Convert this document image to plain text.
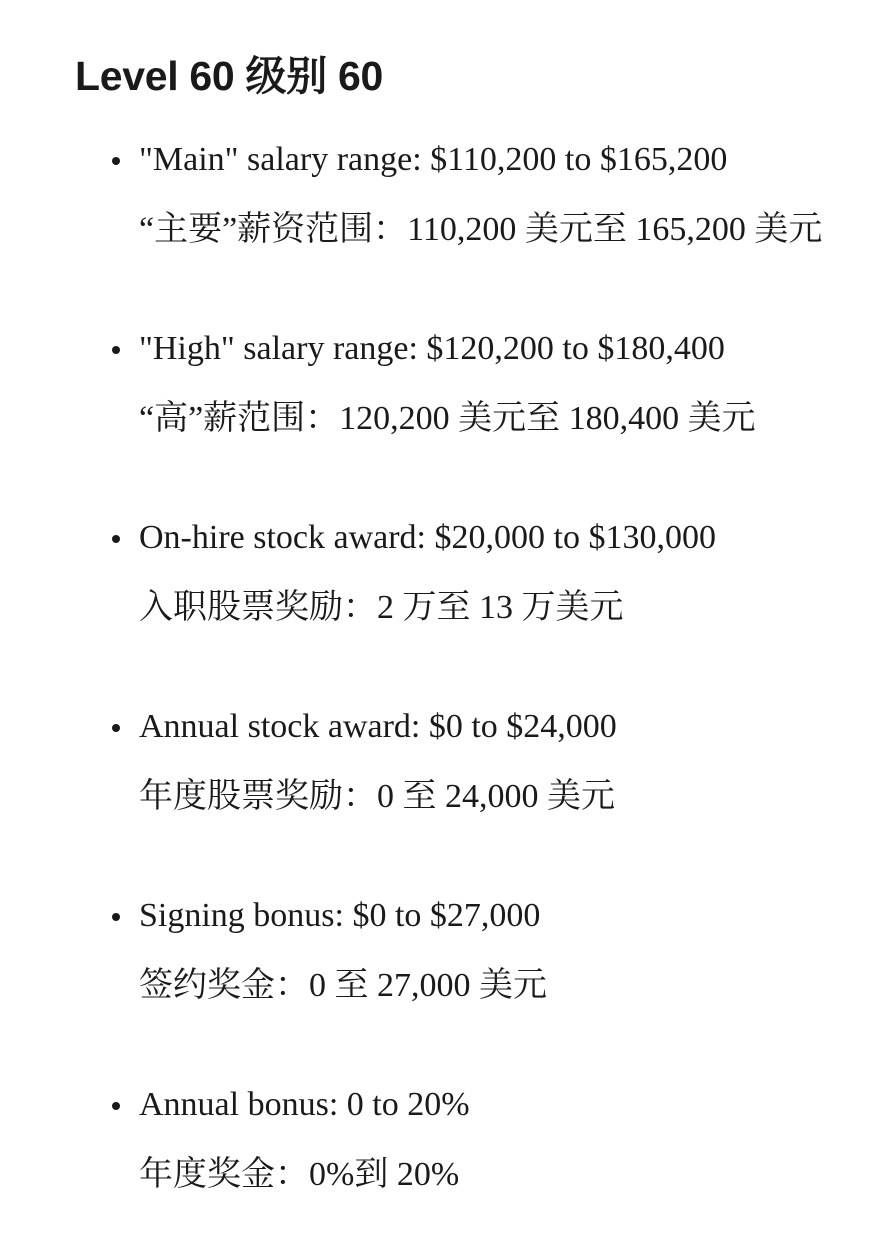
Level 60 级别 60
"Main" salary range: $110,200 to $165,200
“主要”薪资范围：110,200 美元至 165,200 美元
"High" salary range: $120,200 to $180,400
“高”薪范围：120,200 美元至 180,400 美元
On-hire stock award: $20,000 to $130,000
入职股票奖励：2 万至 13 万美元
Annual stock award: $0 to $24,000
年度股票奖励：0 至 24,000 美元
Signing bonus: $0 to $27,000
签约奖金：0 至 27,000 美元
Annual bonus: 0 to 20%
年度奖金：0%到 20%
